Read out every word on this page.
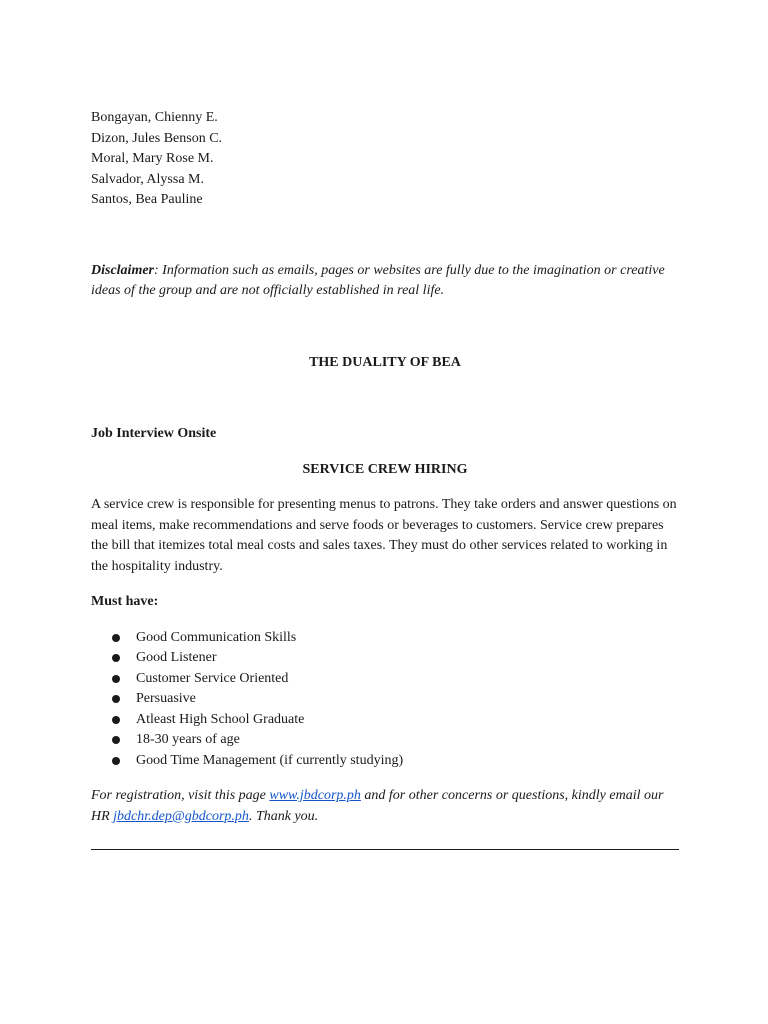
Bongayan, Chienny E.
Dizon, Jules Benson C.
Moral, Mary Rose M.
Salvador, Alyssa M.
Santos, Bea Pauline
Disclaimer: Information such as emails, pages or websites are fully due to the imagination or creative ideas of the group and are not officially established in real life.
THE DUALITY OF BEA
Job Interview Onsite
SERVICE CREW HIRING
A service crew is responsible for presenting menus to patrons. They take orders and answer questions on meal items, make recommendations and serve foods or beverages to customers. Service crew prepares the bill that itemizes total meal costs and sales taxes. They must do other services related to working in the hospitality industry.
Must have:
Good Communication Skills
Good Listener
Customer Service Oriented
Persuasive
Atleast High School Graduate
18-30 years of age
Good Time Management (if currently studying)
For registration, visit this page www.jbdcorp.ph and for other concerns or questions, kindly email our HR jbdchr.dep@gbdcorp.ph. Thank you.
